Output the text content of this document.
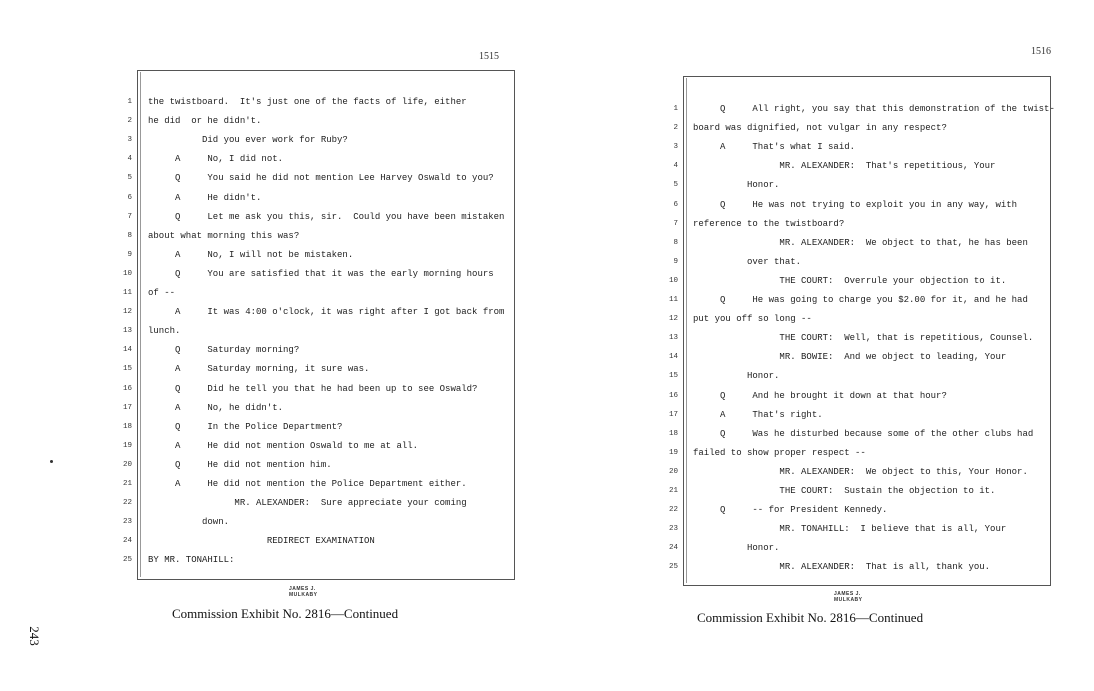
1515
1 the twistboard.  It's just one of the facts of life, either
2 he did  or he didn't.
3 Did you ever work for Ruby?
4 A     No, I did not.
5 Q     You said he did not mention Lee Harvey Oswald to you?
6 A     He didn't.
7 Q     Let me ask you this, sir.  Could you have been mistaken
8 about what morning this was?
9 A     No, I will not be mistaken.
10 Q     You are satisfied that it was the early morning hours
11 of --
12 A     It was 4:00 o'clock, it was right after I got back from
13 lunch.
14 Q     Saturday morning?
15 A     Saturday morning, it sure was.
16 Q     Did he tell you that he had been up to see Oswald?
17 A     No, he didn't.
18 Q     In the Police Department?
19 A     He did not mention Oswald to me at all.
20 Q     He did not mention him.
21 A     He did not mention the Police Department either.
22 MR. ALEXANDER:  Sure appreciate your coming
23 down.
24 REDIRECT EXAMINATION
25 BY MR. TONAHILL:
JAMES J. MULKABY
Commission Exhibit No. 2816—Continued
1516
1 Q     All right, you say that this demonstration of the twist-
2 board was dignified, not vulgar in any respect?
3 A     That's what I said.
4 MR. ALEXANDER:  That's repetitious, Your
5 Honor.
6 Q     He was not trying to exploit you in any way, with
7 reference to the twistboard?
8 MR. ALEXANDER:  We object to that, he has been
9 over that.
10 THE COURT:  Overrule your objection to it.
11 Q     He was going to charge you $2.00 for it, and he had
12 put you off so long --
13 THE COURT:  Well, that is repetitious, Counsel.
14 MR. BOWIE:  And we object to leading, Your
15 Honor.
16 Q     And he brought it down at that hour?
17 A     That's right.
18 Q     Was he disturbed because some of the other clubs had
19 failed to show proper respect --
20 MR. ALEXANDER:  We object to this, Your Honor.
21 THE COURT:  Sustain the objection to it.
22 Q     -- for President Kennedy.
23 MR. TONAHILL:  I believe that is all, Your
24 Honor.
25 MR. ALEXANDER:  That is all, thank you.
JAMES J. MULKABY
Commission Exhibit No. 2816—Continued
243
